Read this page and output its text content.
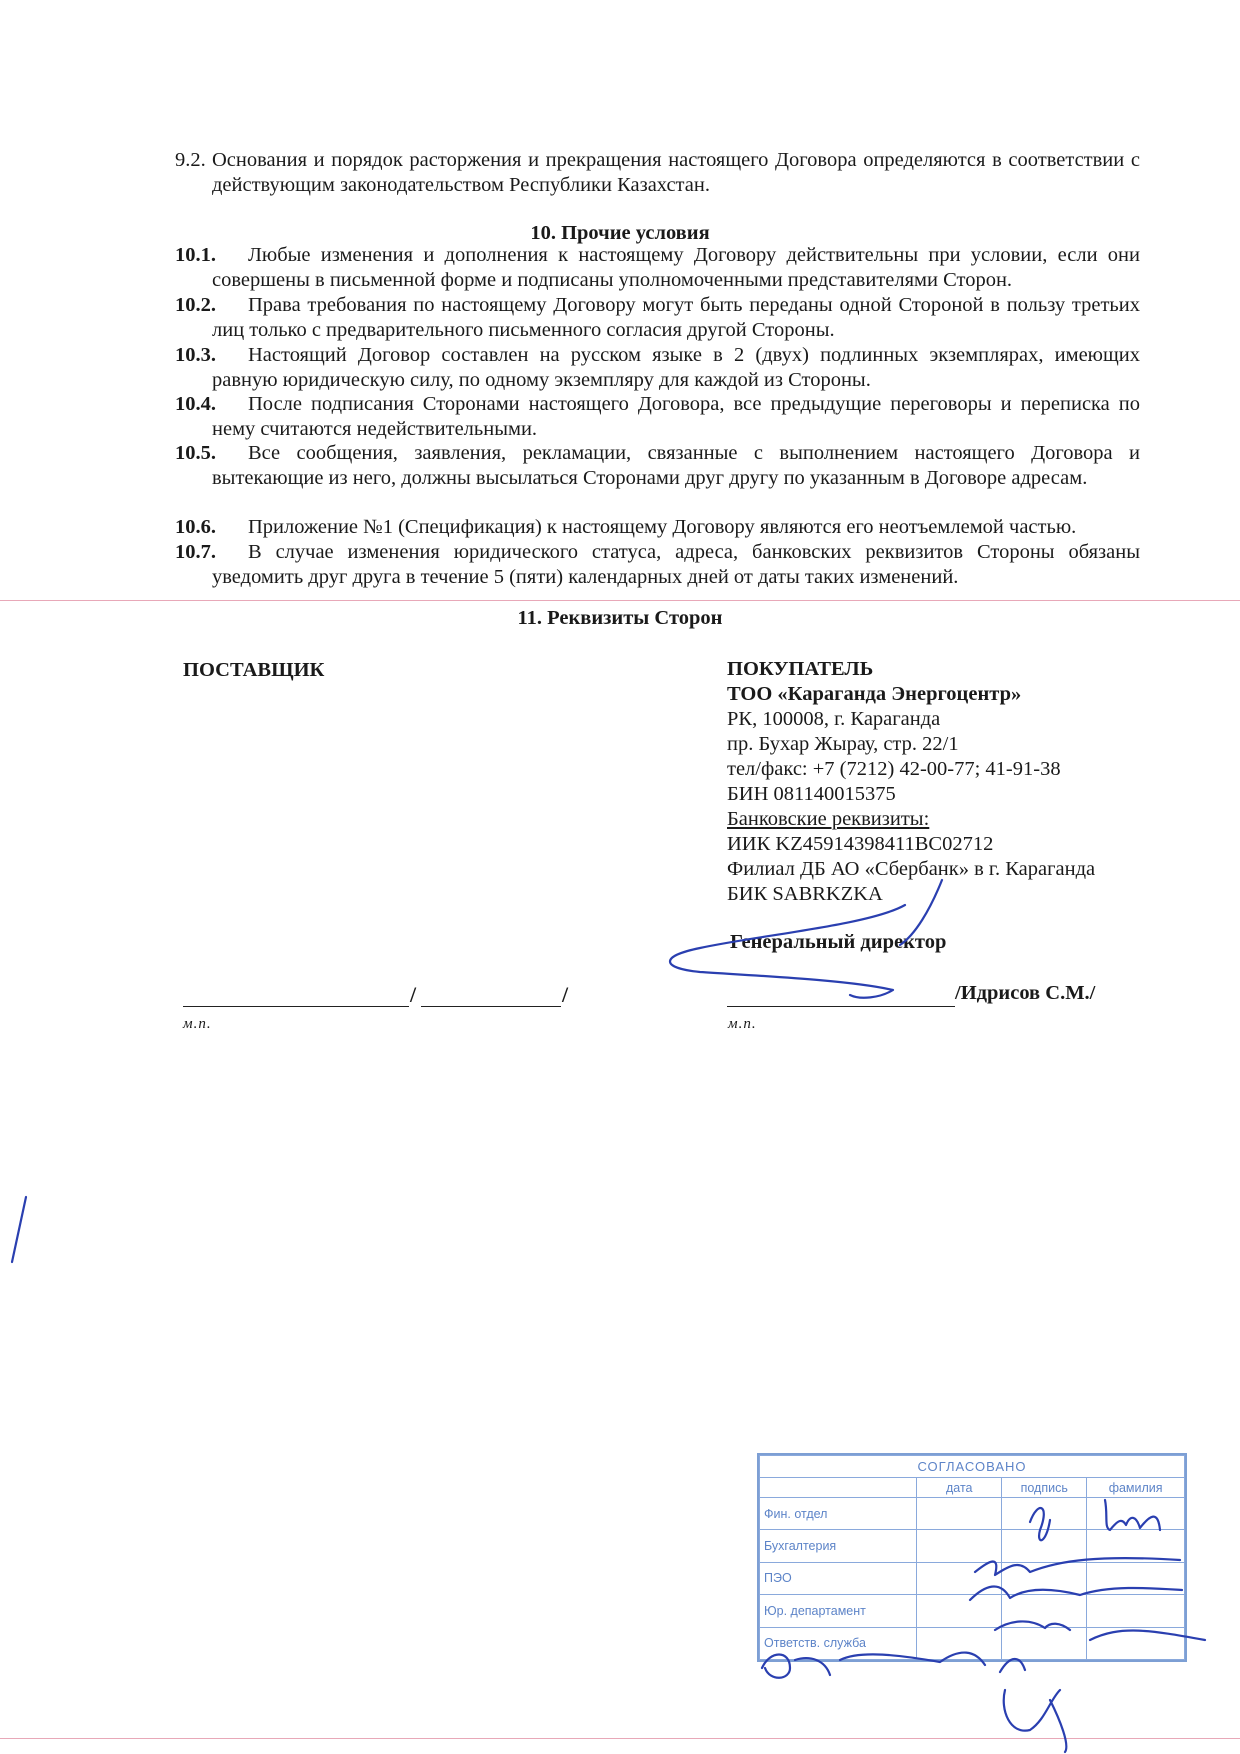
9.2. Основания и порядок расторжения и прекращения настоящего Договора определяются в соответствии с действующим законодательством Республики Казахстан.
10. Прочие условия
10.1.	Любые изменения и дополнения к настоящему Договору действительны при условии, если они совершены в письменной форме и подписаны уполномоченными представителями Сторон.
10.2.	Права требования по настоящему Договору могут быть переданы одной Стороной в пользу третьих лиц только с предварительного письменного согласия другой Стороны.
10.3.	Настоящий Договор составлен на русском языке в 2 (двух) подлинных экземплярах, имеющих равную юридическую силу, по одному экземпляру для каждой из Стороны.
10.4.	После подписания Сторонами настоящего Договора, все предыдущие переговоры и переписка по нему считаются недействительными.
10.5.	Все сообщения, заявления, рекламации, связанные с выполнением настоящего Договора и вытекающие из него, должны высылаться Сторонами друг другу по указанным в Договоре адресам.
10.6.	Приложение №1 (Спецификация) к настоящему Договору являются его неотъемлемой частью.
10.7.	В случае изменения юридического статуса, адреса, банковских реквизитов Стороны обязаны уведомить друг друга в течение 5 (пяти) календарных дней от даты таких изменений.
11. Реквизиты Сторон
ПОСТАВЩИК
/	/
м.п.
ПОКУПАТЕЛЬ
ТОО «Караганда Энергоцентр»
РК, 100008, г. Караганда
пр. Бухар Жырау, стр. 22/1
тел/факс: +7 (7212) 42-00-77; 41-91-38
БИН 081140015375
Банковские реквизиты:
ИИК KZ45914398411BC02712
Филиал ДБ АО «Сбербанк» в г. Караганда
БИК SABRKZKA
Генеральный директор
/Идрисов С.М./
м.п.
СОГЛАСОВАНО			
	дата	подпись	фамилия
Фин. отдел			
Бухгалтерия			
ПЭО			
Юр. департамент			
Ответств. служба			
